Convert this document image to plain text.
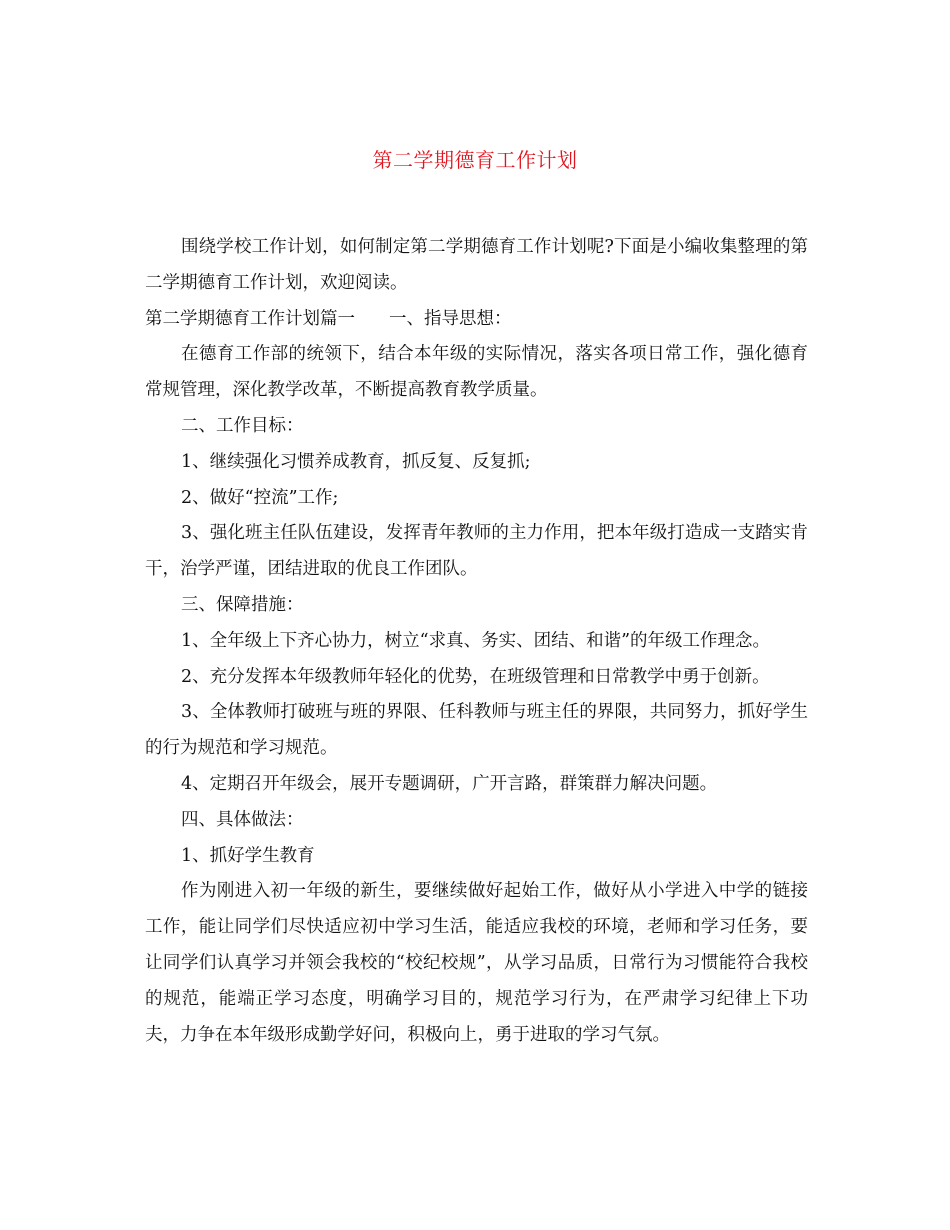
第二学期德育工作计划

围绕学校工作计划，如何制定第二学期德育工作计划呢?下面是小编收集整理的第二学期德育工作计划，欢迎阅读。

第二学期德育工作计划篇一 一、指导思想：

在德育工作部的统领下，结合本年级的实际情况，落实各项日常工作，强化德育常规管理，深化教学改革，不断提高教育教学质量。

二、工作目标：

1、继续强化习惯养成教育，抓反复、反复抓;

2、做好“控流”工作;

3、强化班主任队伍建设，发挥青年教师的主力作用，把本年级打造成一支踏实肯干，治学严谨，团结进取的优良工作团队。

三、保障措施：

1、全年级上下齐心协力，树立“求真、务实、团结、和谐”的年级工作理念。

2、充分发挥本年级教师年轻化的优势，在班级管理和日常教学中勇于创新。

3、全体教师打破班与班的界限、任科教师与班主任的界限，共同努力，抓好学生的行为规范和学习规范。

4、定期召开年级会，展开专题调研，广开言路，群策群力解决问题。

四、具体做法：

1、抓好学生教育

作为刚进入初一年级的新生，要继续做好起始工作，做好从小学进入中学的链接工作，能让同学们尽快适应初中学习生活，能适应我校的环境，老师和学习任务，要让同学们认真学习并领会我校的“校纪校规”，从学习品质，日常行为习惯能符合我校的规范，能端正学习态度，明确学习目的，规范学习行为，在严肃学习纪律上下功夫，力争在本年级形成勤学好问，积极向上，勇于进取的学习气氛。
